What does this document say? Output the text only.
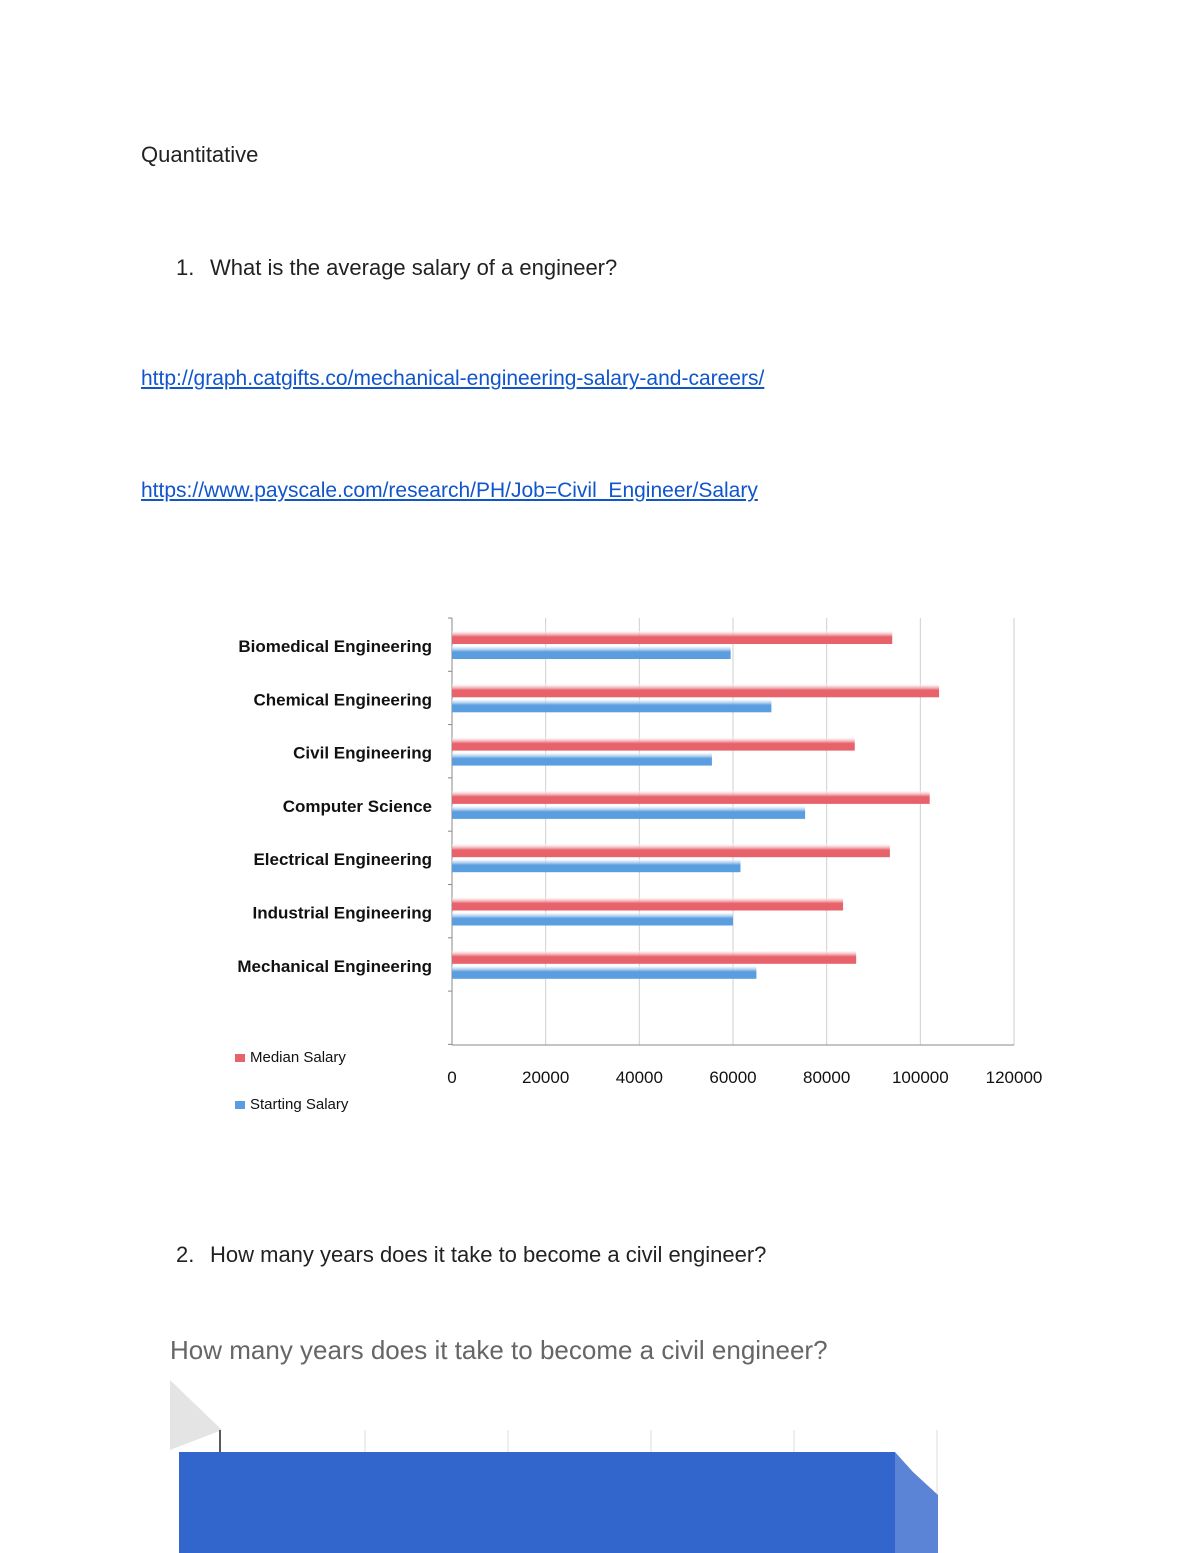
Quantitative
1. What is the average salary of a engineer?
http://graph.catgifts.co/mechanical-engineering-salary-and-careers/
https://www.payscale.com/research/PH/Job=Civil_Engineer/Salary
Biomedical Engineering
Chemical Engineering
Civil Engineering
Computer Science
Electrical Engineering
Industrial Engineering
Mechanical Engineering
0	20000	40000	60000	80000 100000 120000
Median Salary
Starting Salary
2. How many years does it take to become a civil engineer?
How many years does it take to become a civil engineer?
